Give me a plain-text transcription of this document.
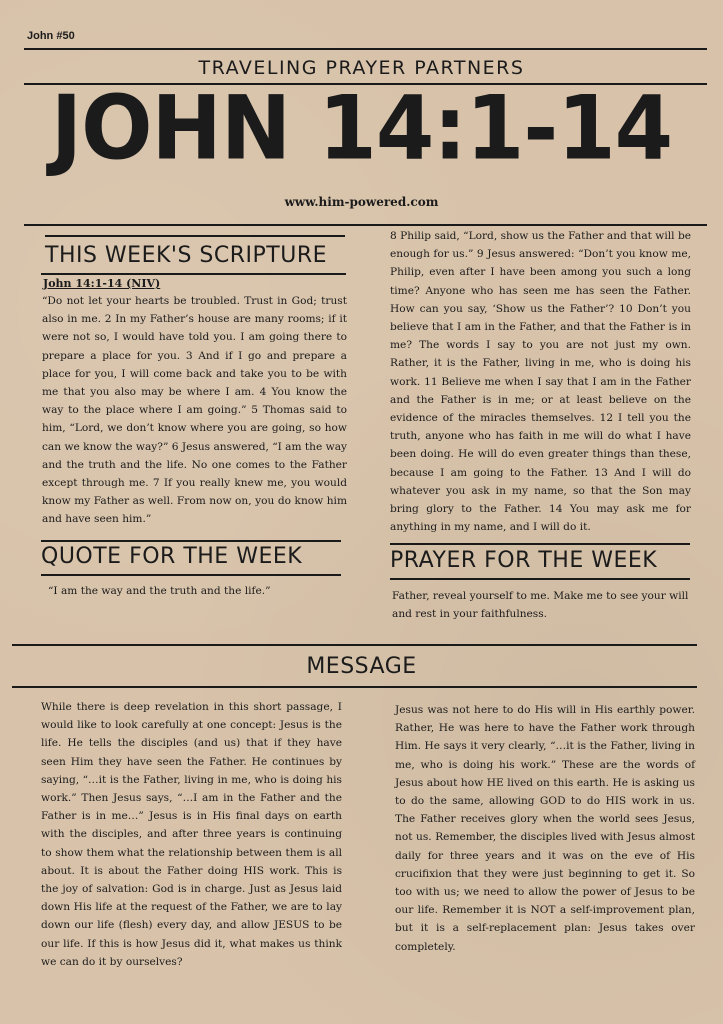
John #50
TRAVELING PRAYER PARTNERS
JOHN 14:1-14
www.him-powered.com
THIS WEEK'S SCRIPTURE
John 14:1-14 (NIV)
“Do not let your hearts be troubled. Trust in God; trust also in me. 2 In my Father’s house are many rooms; if it were not so, I would have told you. I am going there to prepare a place for you. 3 And if I go and prepare a place for you, I will come back and take you to be with me that you also may be where I am. 4 You know the way to the place where I am going.” 5 Thomas said to him, “Lord, we don’t know where you are going, so how can we know the way?” 6 Jesus answered, “I am the way and the truth and the life. No one comes to the Father except through me. 7 If you really knew me, you would know my Father as well. From now on, you do know him and have seen him.”
8 Philip said, “Lord, show us the Father and that will be enough for us.” 9 Jesus answered: “Don’t you know me, Philip, even after I have been among you such a long time? Anyone who has seen me has seen the Father. How can you say, ‘Show us the Father’? 10 Don’t you believe that I am in the Father, and that the Father is in me? The words I say to you are not just my own. Rather, it is the Father, living in me, who is doing his work. 11 Believe me when I say that I am in the Father and the Father is in me; or at least believe on the evidence of the miracles themselves. 12 I tell you the truth, anyone who has faith in me will do what I have been doing. He will do even greater things than these, because I am going to the Father. 13 And I will do whatever you ask in my name, so that the Son may bring glory to the Father. 14 You may ask me for anything in my name, and I will do it.
QUOTE FOR THE WEEK
“I am the way and the truth and the life.”
PRAYER FOR THE WEEK
Father, reveal yourself to me. Make me to see your will and rest in your faithfulness.
MESSAGE
While there is deep revelation in this short passage, I would like to look carefully at one concept: Jesus is the life. He tells the disciples (and us) that if they have seen Him they have seen the Father. He continues by saying, “…it is the Father, living in me, who is doing his work.” Then Jesus says, “…I am in the Father and the Father is in me…” Jesus is in His final days on earth with the disciples, and after three years is continuing to show them what the relationship between them is all about. It is about the Father doing HIS work. This is the joy of salvation: God is in charge. Just as Jesus laid down His life at the request of the Father, we are to lay down our life (flesh) every day, and allow JESUS to be our life. If this is how Jesus did it, what makes us think we can do it by ourselves?
Jesus was not here to do His will in His earthly power. Rather, He was here to have the Father work through Him. He says it very clearly, “…it is the Father, living in me, who is doing his work.” These are the words of Jesus about how HE lived on this earth. He is asking us to do the same, allowing GOD to do HIS work in us. The Father receives glory when the world sees Jesus, not us. Remember, the disciples lived with Jesus almost daily for three years and it was on the eve of His crucifixion that they were just beginning to get it. So too with us; we need to allow the power of Jesus to be our life. Remember it is NOT a self-improvement plan, but it is a self-replacement plan: Jesus takes over completely.
